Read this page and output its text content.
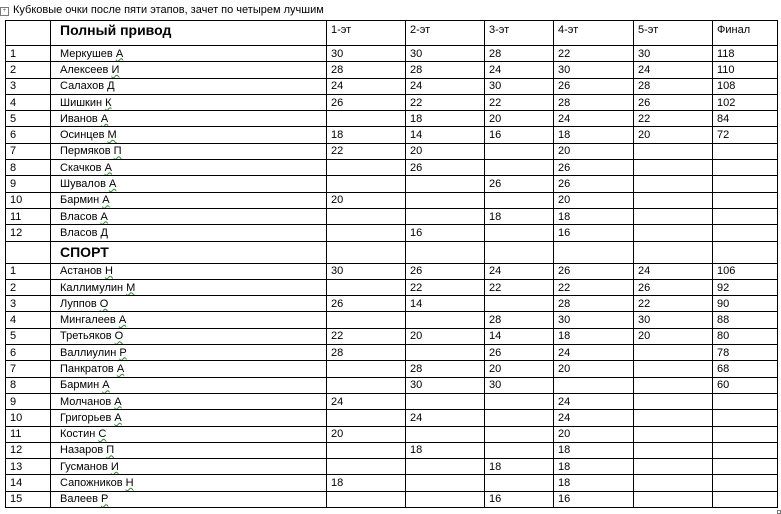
+ Кубковые очки после пяти этапов, зачет по четырем лучшим
	Полный привод	1-эт	2-эт	3-эт	4-эт	5-эт	Финал
1	Меркушев А	30	30	28	22	30	118
2	Алексеев И	28	28	24	30	24	110
3	Салахов Д	24	24	30	26	28	108
4	Шишкин К	26	22	22	28	26	102
5	Иванов А		18	20	24	22	84
6	Осинцев М	18	14	16	18	20	72
7	Пермяков П	22	20		20		
8	Скачков А		26		26		
9	Шувалов А			26	26		
10	Бармин А	20			20		
11	Власов А			18	18		
12	Власов Д		16		16		
	СПОРТ						
1	Астанов Н	30	26	24	26	24	106
2	Каллимулин М		22	22	22	26	92
3	Луппов О	26	14		28	22	90
4	Мингалеев А			28	30	30	88
5	Третьяков О	22	20	14	18	20	80
6	Валлиулин Р	28		26	24		78
7	Панкратов А		28	20	20		68
8	Бармин А		30	30			60
9	Молчанов А	24			24		
10	Григорьев А		24		24		
11	Костин С	20			20		
12	Назаров П		18		18		
13	Гусманов И			18	18		
14	Сапожников Н	18			18		
15	Валеев Р			16	16		
